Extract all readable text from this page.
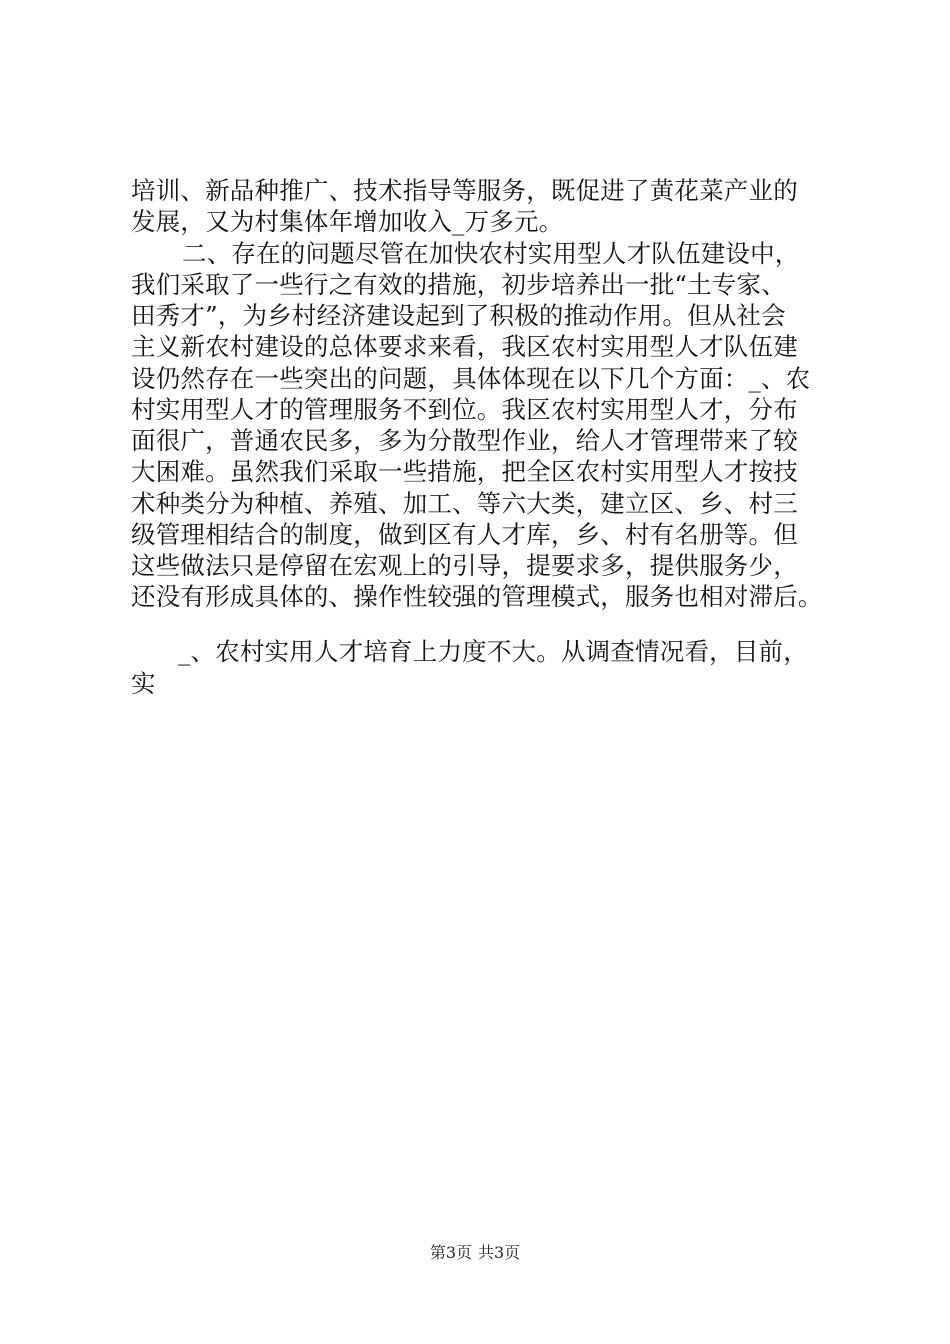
培训、新品种推广、技术指导等服务，既促进了黄花菜产业的
发展，又为村集体年增加收入_万多元。
二、存在的问题尽管在加快农村实用型人才队伍建设中，
我们采取了一些行之有效的措施，初步培养出一批“土专家、
田秀才”，为乡村经济建设起到了积极的推动作用。但从社会
主义新农村建设的总体要求来看，我区农村实用型人才队伍建
设仍然存在一些突出的问题，具体体现在以下几个方面：_、农
村实用型人才的管理服务不到位。我区农村实用型人才，分布
面很广，普通农民多，多为分散型作业，给人才管理带来了较
大困难。虽然我们采取一些措施，把全区农村实用型人才按技
术种类分为种植、养殖、加工、等六大类，建立区、乡、村三
级管理相结合的制度，做到区有人才库，乡、村有名册等。但
这些做法只是停留在宏观上的引导，提要求多，提供服务少，
还没有形成具体的、操作性较强的管理模式，服务也相对滞后。
_、农村实用人才培育上力度不大。从调查情况看，目前，
实
第3页 共3页
